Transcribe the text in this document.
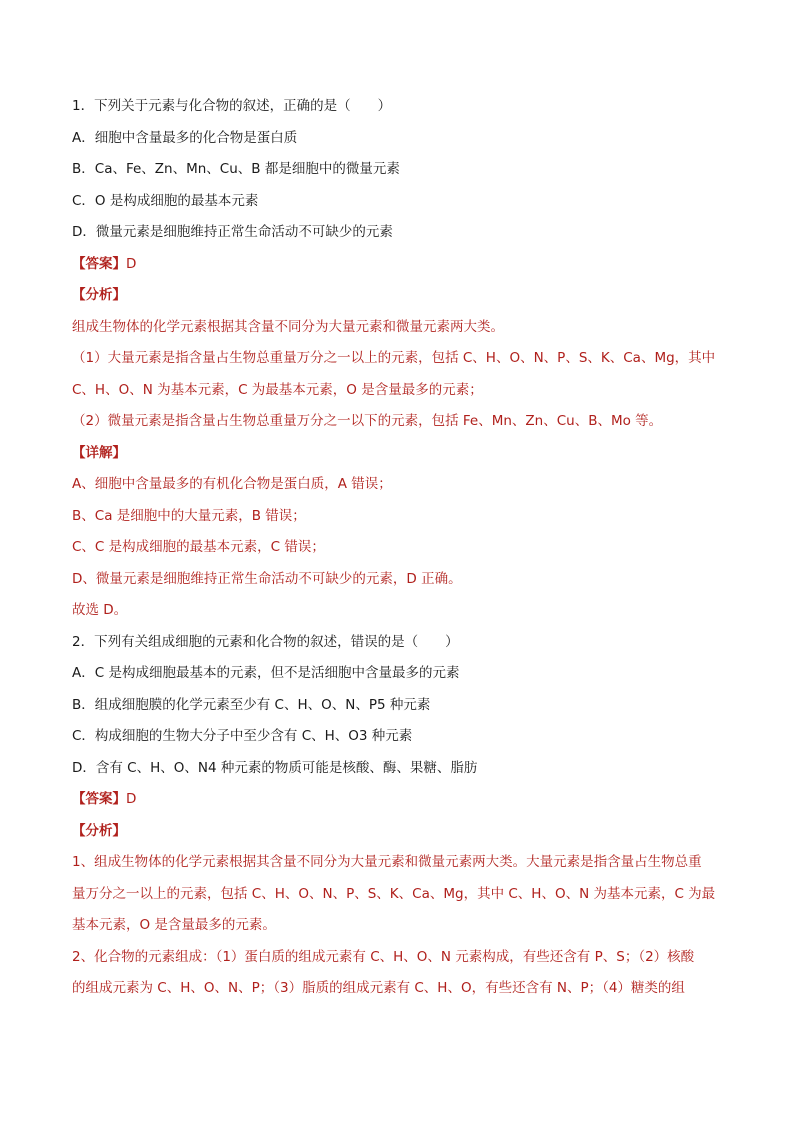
1．下列关于元素与化合物的叙述，正确的是（　　）

A．细胞中含量最多的化合物是蛋白质

B．Ca、Fe、Zn、Mn、Cu、B 都是细胞中的微量元素

C．O 是构成细胞的最基本元素

D．微量元素是细胞维持正常生命活动不可缺少的元素

【答案】D

【分析】

组成生物体的化学元素根据其含量不同分为大量元素和微量元素两大类。

（1）大量元素是指含量占生物总重量万分之一以上的元素，包括 C、H、O、N、P、S、K、Ca、Mg，其中

C、H、O、N 为基本元素，C 为最基本元素，O 是含量最多的元素；

（2）微量元素是指含量占生物总重量万分之一以下的元素，包括 Fe、Mn、Zn、Cu、B、Mo 等。

【详解】

A、细胞中含量最多的有机化合物是蛋白质，A 错误；

B、Ca 是细胞中的大量元素，B 错误；

C、C 是构成细胞的最基本元素，C 错误；

D、微量元素是细胞维持正常生命活动不可缺少的元素，D 正确。

故选 D。

2．下列有关组成细胞的元素和化合物的叙述，错误的是（　　）

A．C 是构成细胞最基本的元素，但不是活细胞中含量最多的元素

B．组成细胞膜的化学元素至少有 C、H、O、N、P5 种元素

C．构成细胞的生物大分子中至少含有 C、H、O3 种元素

D．含有 C、H、O、N4 种元素的物质可能是核酸、酶、果糖、脂肪

【答案】D

【分析】

1、组成生物体的化学元素根据其含量不同分为大量元素和微量元素两大类。大量元素是指含量占生物总重

量万分之一以上的元素，包括 C、H、O、N、P、S、K、Ca、Mg，其中 C、H、O、N 为基本元素，C 为最

基本元素，O 是含量最多的元素。

2、化合物的元素组成：（1）蛋白质的组成元素有 C、H、O、N 元素构成，有些还含有 P、S；（2）核酸

的组成元素为 C、H、O、N、P；（3）脂质的组成元素有 C、H、O，有些还含有 N、P；（4）糖类的组
